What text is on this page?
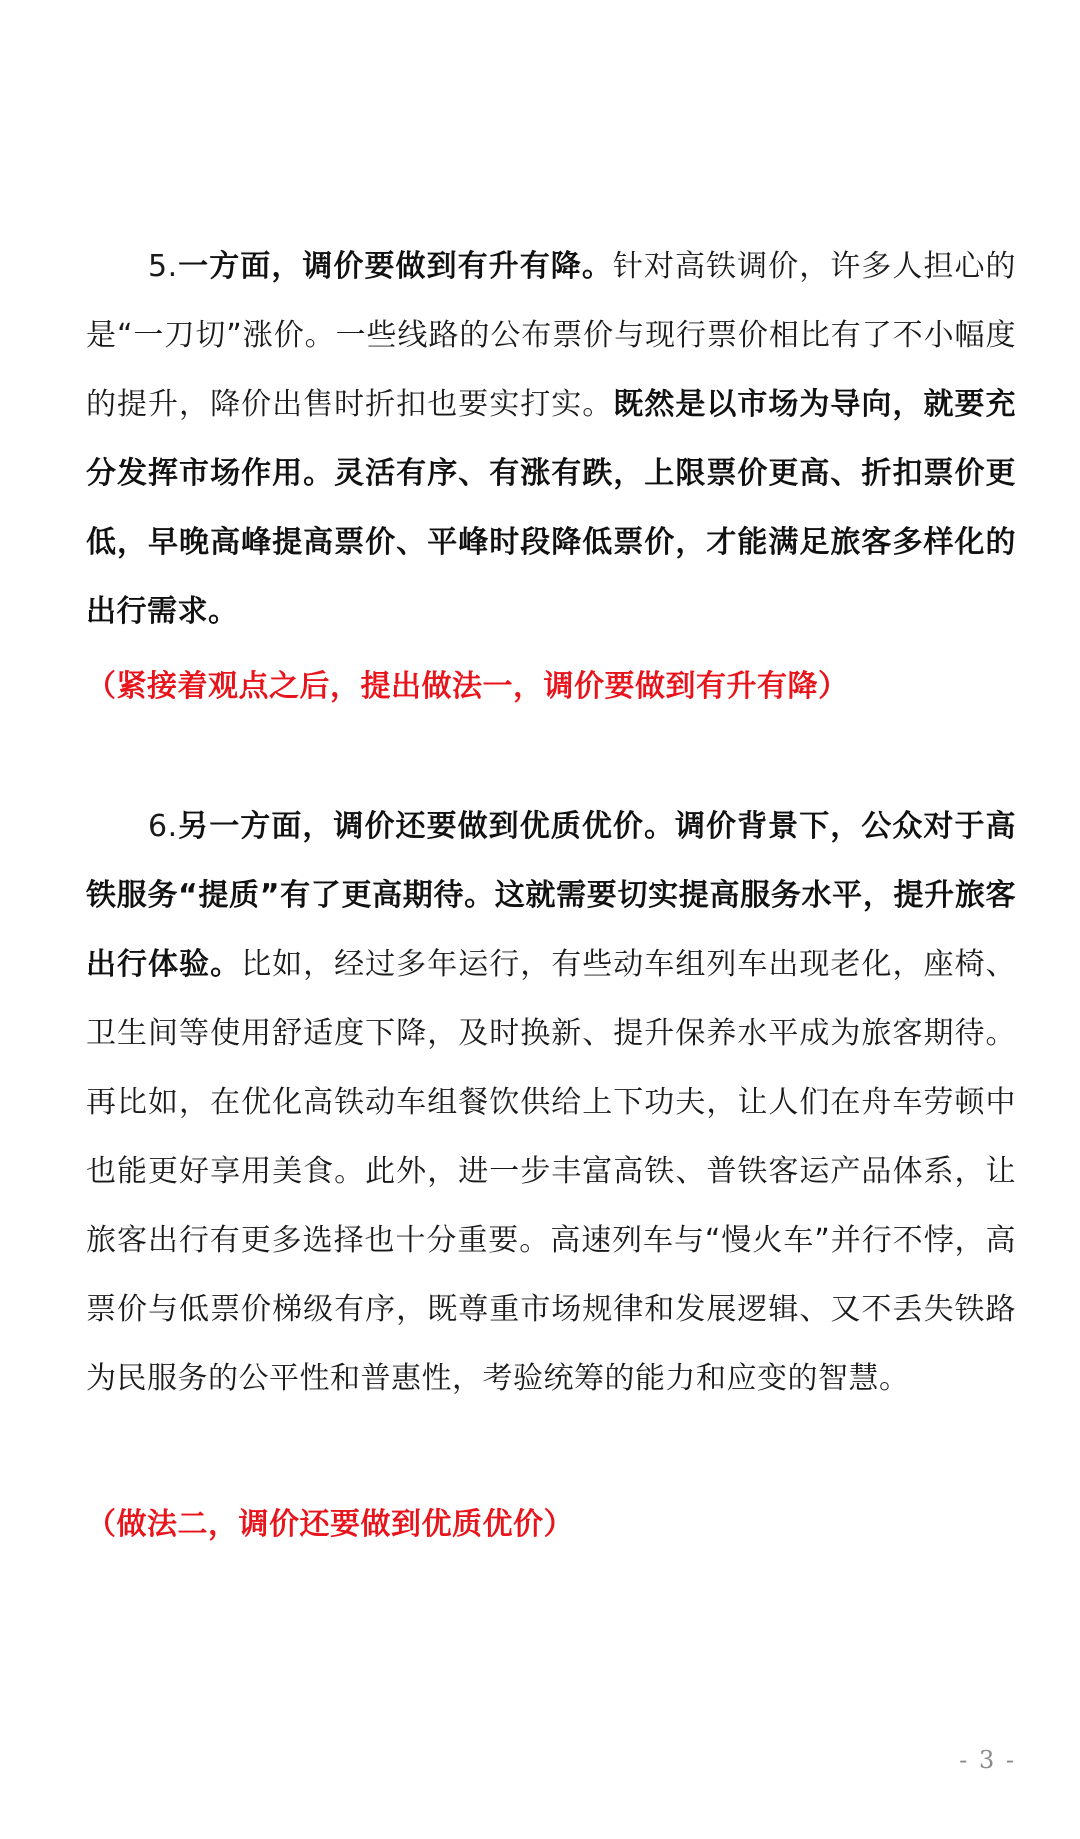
5.一方面，调价要做到有升有降。针对高铁调价，许多人担心的是“一刀切”涨价。一些线路的公布票价与现行票价相比有了不小幅度的提升，降价出售时折扣也要实打实。既然是以市场为导向，就要充分发挥市场作用。灵活有序、有涨有跌，上限票价更高、折扣票价更低，早晚高峰提高票价、平峰时段降低票价，才能满足旅客多样化的出行需求。

（紧接着观点之后，提出做法一，调价要做到有升有降）

6.另一方面，调价还要做到优质优价。调价背景下，公众对于高铁服务“提质”有了更高期待。这就需要切实提高服务水平，提升旅客出行体验。比如，经过多年运行，有些动车组列车出现老化，座椅、卫生间等使用舒适度下降，及时换新、提升保养水平成为旅客期待。再比如，在优化高铁动车组餐饮供给上下功夫，让人们在舟车劳顿中也能更好享用美食。此外，进一步丰富高铁、普铁客运产品体系，让旅客出行有更多选择也十分重要。高速列车与“慢火车”并行不悖，高票价与低票价梯级有序，既尊重市场规律和发展逻辑、又不丢失铁路为民服务的公平性和普惠性，考验统筹的能力和应变的智慧。

（做法二，调价还要做到优质优价）

- 3 -
